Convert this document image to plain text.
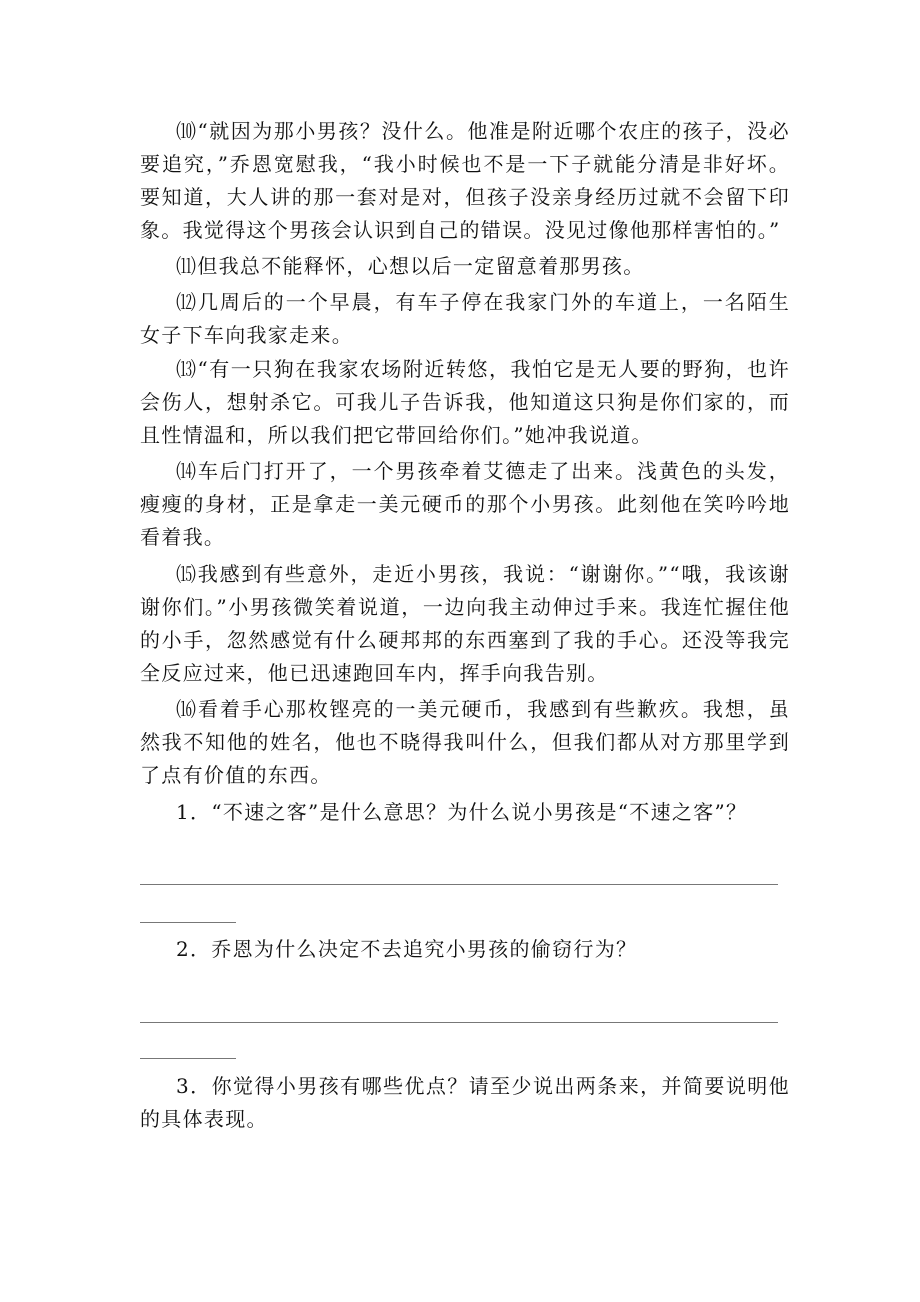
⑽“就因为那小男孩？没什么。他准是附近哪个农庄的孩子，没必要追究，”乔恩宽慰我，“我小时候也不是一下子就能分清是非好坏。要知道，大人讲的那一套对是对，但孩子没亲身经历过就不会留下印象。我觉得这个男孩会认识到自己的错误。没见过像他那样害怕的。”

⑾但我总不能释怀，心想以后一定留意着那男孩。

⑿几周后的一个早晨，有车子停在我家门外的车道上，一名陌生女子下车向我家走来。

⒀“有一只狗在我家农场附近转悠，我怕它是无人要的野狗，也许会伤人，想射杀它。可我儿子告诉我，他知道这只狗是你们家的，而且性情温和，所以我们把它带回给你们。”她冲我说道。

⒁车后门打开了，一个男孩牵着艾德走了出来。浅黄色的头发，瘦瘦的身材，正是拿走一美元硬币的那个小男孩。此刻他在笑吟吟地看着我。

⒂我感到有些意外，走近小男孩，我说：“谢谢你。”“哦，我该谢谢你们。”小男孩微笑着说道，一边向我主动伸过手来。我连忙握住他的小手，忽然感觉有什么硬邦邦的东西塞到了我的手心。还没等我完全反应过来，他已迅速跑回车内，挥手向我告别。

⒃看着手心那枚铿亮的一美元硬币，我感到有些歉疚。我想，虽然我不知他的姓名，他也不晓得我叫什么，但我们都从对方那里学到了点有价值的东西。

1．“不速之客”是什么意思？为什么说小男孩是“不速之客”？

2．乔恩为什么决定不去追究小男孩的偷窃行为？

3．你觉得小男孩有哪些优点？请至少说出两条来，并简要说明他的具体表现。
